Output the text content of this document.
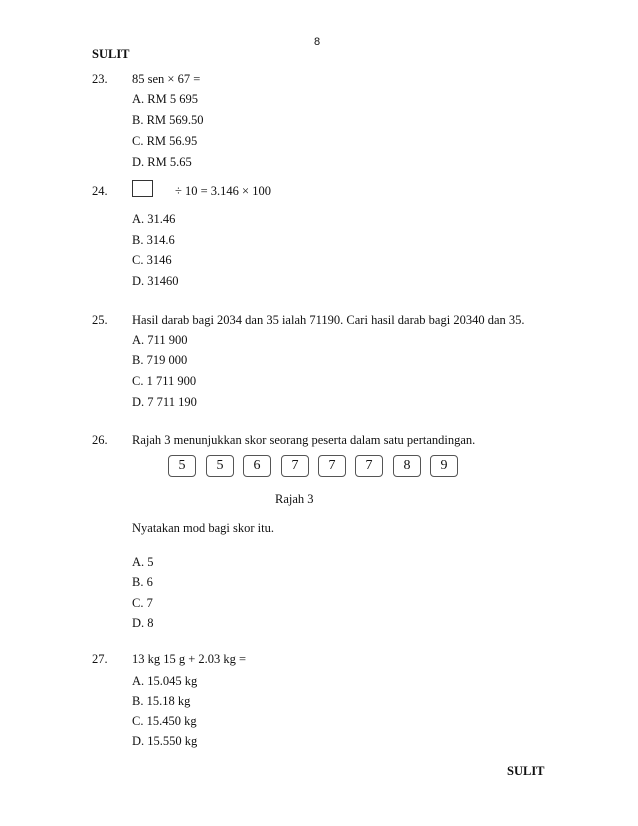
8
SULIT
23. 85 sen × 67 =
A. RM 5 695
B. RM 569.50
C. RM 56.95
D. RM 5.65
24.	÷ 10 = 3.146 × 100
A. 31.46
B. 314.6
C. 3146
D. 31460
25. Hasil darab bagi 2034 dan 35 ialah 71190. Cari hasil darab bagi 20340 dan 35.
A. 711 900
B. 719 000
C. 1 711 900
D. 7 711 190
26. Rajah 3 menunjukkan skor seorang peserta dalam satu pertandingan.
5	5	6	7	7	7	8	9
Rajah 3
Nyatakan mod bagi skor itu.
A. 5
B. 6
C. 7
D. 8
27. 13 kg 15 g + 2.03 kg =
A. 15.045 kg
B. 15.18 kg
C. 15.450 kg
D. 15.550 kg
SULIT
